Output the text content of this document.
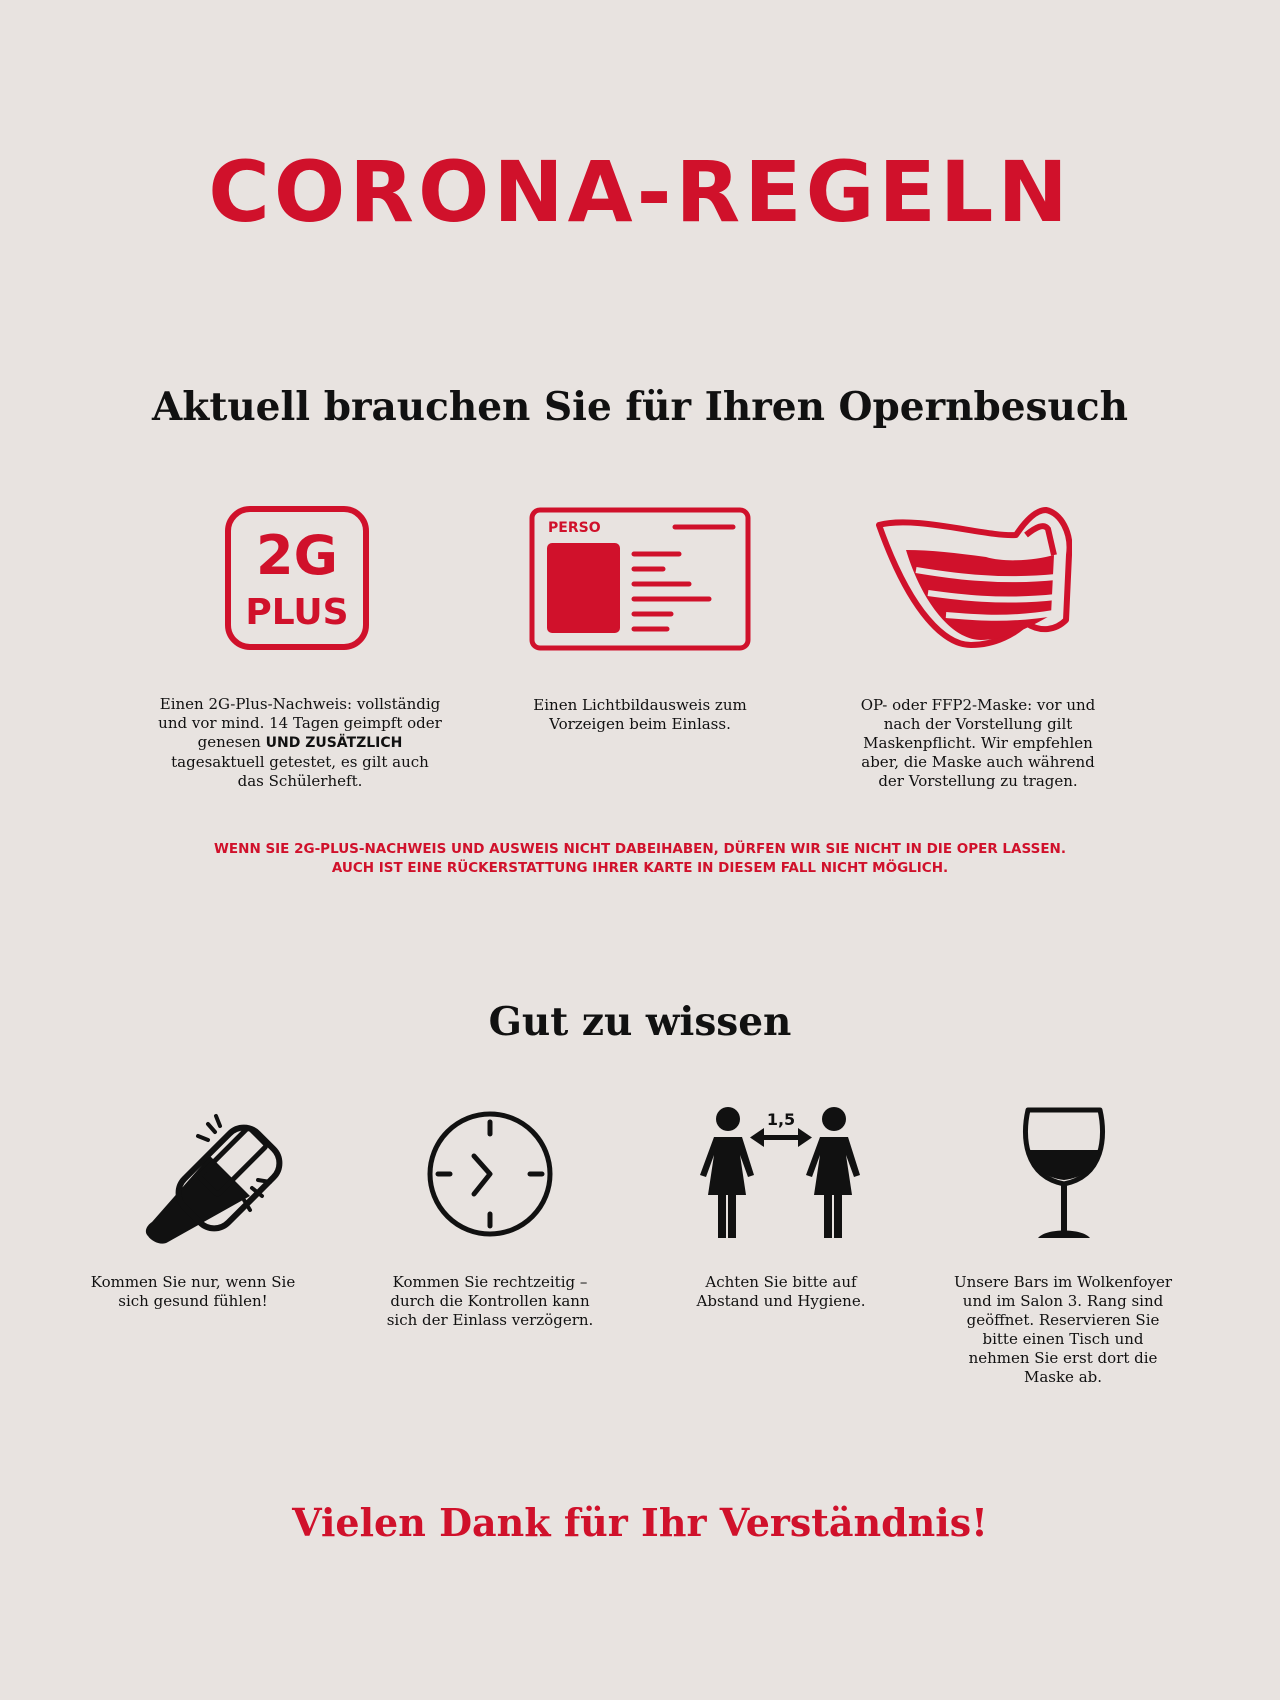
CORONA-REGELN
Aktuell brauchen Sie für Ihren Opernbesuch
2G
PLUS
PERSO
Einen 2G-Plus-Nachweis: vollständig und vor mind. 14 Tagen geimpft oder genesen UND ZUSÄTZLICH tagesaktuell getestet, es gilt auch das Schülerheft.
Einen Lichtbildausweis zum Vorzeigen beim Einlass.
OP- oder FFP2-Maske: vor und nach der Vorstellung gilt Maskenpflicht. Wir empfehlen aber, die Maske auch während der Vorstellung zu tragen.
WENN SIE 2G-PLUS-NACHWEIS UND AUSWEIS NICHT DABEIHABEN, DÜRFEN WIR SIE NICHT IN DIE OPER LASSEN.
AUCH IST EINE RÜCKERSTATTUNG IHRER KARTE IN DIESEM FALL NICHT MÖGLICH.
Gut zu wissen
1,5
Kommen Sie nur, wenn Sie sich gesund fühlen!
Kommen Sie rechtzeitig – durch die Kontrollen kann sich der Einlass verzögern.
Achten Sie bitte auf Abstand und Hygiene.
Unsere Bars im Wolkenfoyer und im Salon 3. Rang sind geöffnet. Reservieren Sie bitte einen Tisch und nehmen Sie erst dort die Maske ab.
Vielen Dank für Ihr Verständnis!
